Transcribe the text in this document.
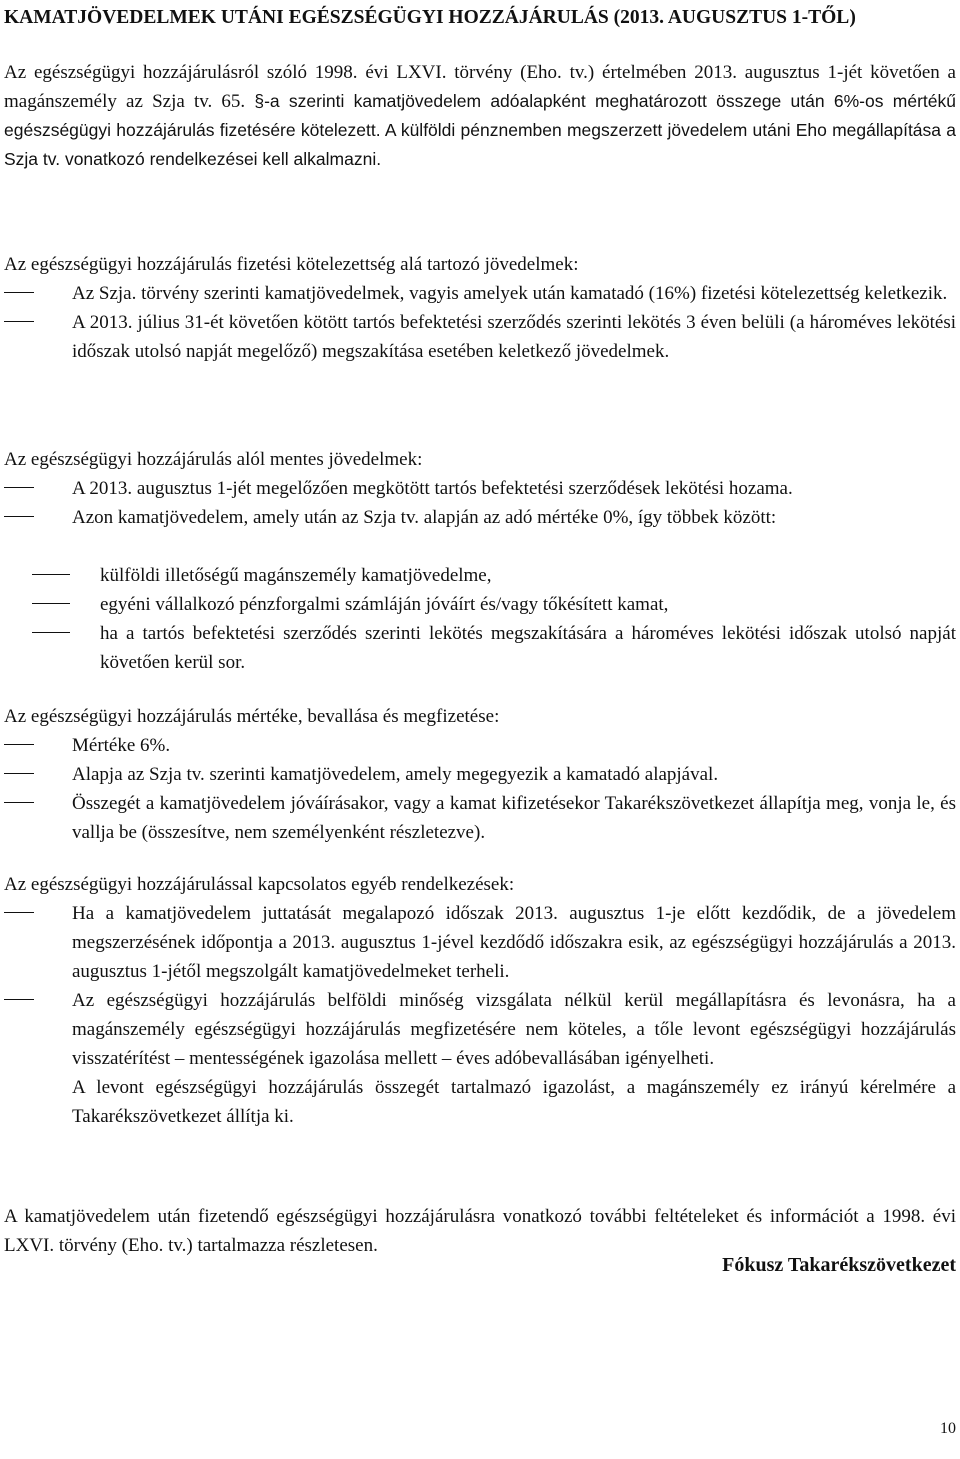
KAMATJÖVEDELMEK UTÁNI EGÉSZSÉGÜGYI HOZZÁJÁRULÁS (2013. AUGUSZTUS 1-TŐL)
Az egészségügyi hozzájárulásról szóló 1998. évi LXVI. törvény (Eho. tv.) értelmében 2013. augusztus 1-jét követően a magánszemély az Szja tv. 65. §-a szerinti kamatjövedelem adóalapként meghatározott összege után 6%-os mértékű egészségügyi hozzájárulás fizetésére kötelezett. A külföldi pénznemben megszerzett jövedelem utáni Eho megállapítása a Szja tv. vonatkozó rendelkezései kell alkalmazni.
Az egészségügyi hozzájárulás fizetési kötelezettség alá tartozó jövedelmek:
Az Szja. törvény szerinti kamatjövedelmek, vagyis amelyek után kamatadó (16%) fizetési kötelezettség keletkezik.
A 2013. július 31-ét követően kötött tartós befektetési szerződés szerinti lekötés 3 éven belüli (a hároméves lekötési időszak utolsó napját megelőző) megszakítása esetében keletkező jövedelmek.
Az egészségügyi hozzájárulás alól mentes jövedelmek:
A 2013. augusztus 1-jét megelőzően megkötött tartós befektetési szerződések lekötési hozama.
Azon kamatjövedelem, amely után az Szja tv. alapján az adó mértéke 0%, így többek között:
külföldi illetőségű magánszemély kamatjövedelme,
egyéni vállalkozó pénzforgalmi számláján jóváírt és/vagy tőkésített kamat,
ha a tartós befektetési szerződés szerinti lekötés megszakítására a hároméves lekötési időszak utolsó napját követően kerül sor.
Az egészségügyi hozzájárulás mértéke, bevallása és megfizetése:
Mértéke 6%.
Alapja az Szja tv. szerinti kamatjövedelem, amely megegyezik a kamatadó alapjával.
Összegét a kamatjövedelem jóváírásakor, vagy a kamat kifizetésekor Takarékszövetkezet állapítja meg, vonja le, és vallja be (összesítve, nem személyenként részletezve).
Az egészségügyi hozzájárulással kapcsolatos egyéb rendelkezések:
Ha a kamatjövedelem juttatását megalapozó időszak 2013. augusztus 1-je előtt kezdődik, de a jövedelem megszerzésének időpontja a 2013. augusztus 1-jével kezdődő időszakra esik, az egészségügyi hozzájárulás a 2013. augusztus 1-jétől megszolgált kamatjövedelmeket terheli.
Az egészségügyi hozzájárulás belföldi minőség vizsgálata nélkül kerül megállapításra és levonásra, ha a magánszemély egészségügyi hozzájárulás megfizetésére nem köteles, a tőle levont egészségügyi hozzájárulás visszatérítést – mentességének igazolása mellett – éves adóbevallásában igényelheti.
A levont egészségügyi hozzájárulás összegét tartalmazó igazolást, a magánszemély ez irányú kérelmére a Takarékszövetkezet állítja ki.
A kamatjövedelem után fizetendő egészségügyi hozzájárulásra vonatkozó további feltételeket és információt a 1998. évi LXVI. törvény (Eho. tv.) tartalmazza részletesen.
Fókusz Takarékszövetkezet
10
